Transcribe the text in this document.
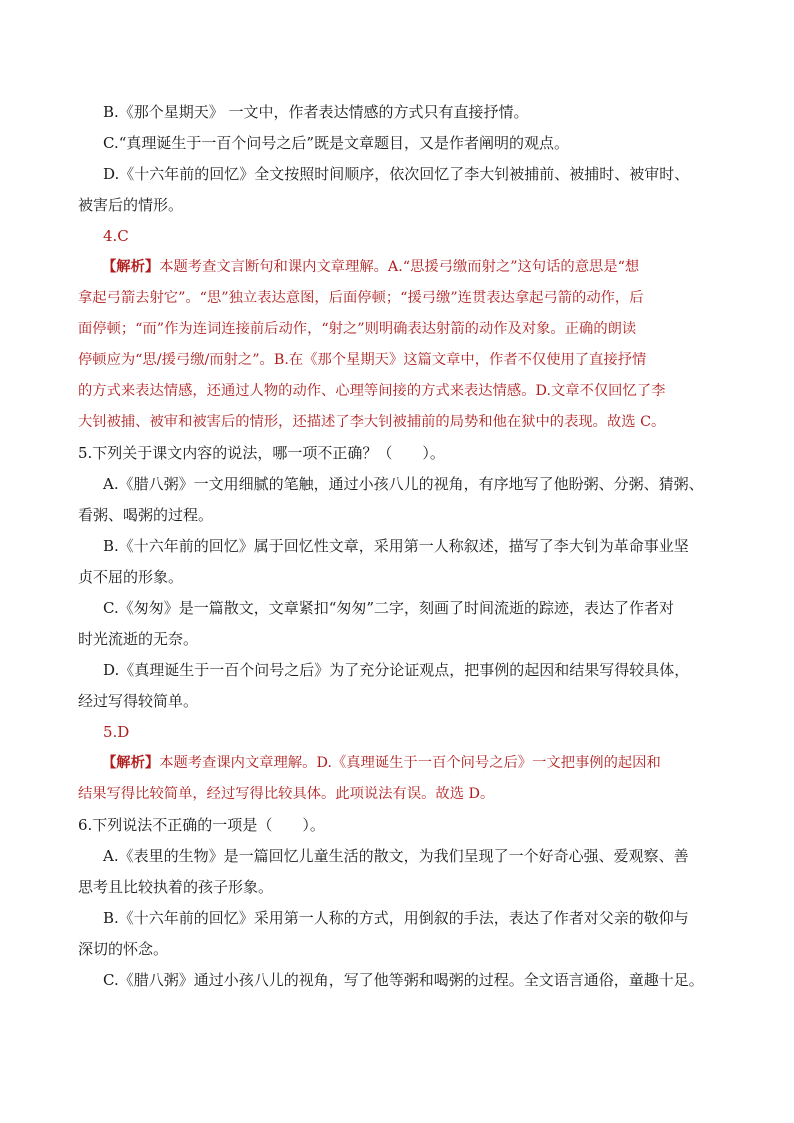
B.《那个星期天》 一文中，作者表达情感的方式只有直接抒情。

C.“真理诞生于一百个问号之后”既是文章题目，又是作者阐明的观点。

D.《十六年前的回忆》全文按照时间顺序，依次回忆了李大钊被捕前、被捕时、被审时、

被害后的情形。

4.C

【解析】本题考查文言断句和课内文章理解。A.“思援弓缴而射之”这句话的意思是“想

拿起弓箭去射它”。“思”独立表达意图，后面停顿；“援弓缴”连贯表达拿起弓箭的动作，后

面停顿；“而”作为连词连接前后动作，“射之”则明确表达射箭的动作及对象。正确的朗读

停顿应为“思/援弓缴/而射之”。B.在《那个星期天》这篇文章中，作者不仅使用了直接抒情

的方式来表达情感，还通过人物的动作、心理等间接的方式来表达情感。D.文章不仅回忆了李

大钊被捕、被审和被害后的情形，还描述了李大钊被捕前的局势和他在狱中的表现。故选 C。

5.下列关于课文内容的说法，哪一项不正确？（　　）。

A.《腊八粥》一文用细腻的笔触，通过小孩八儿的视角，有序地写了他盼粥、分粥、猜粥、

看粥、喝粥的过程。

B.《十六年前的回忆》属于回忆性文章，采用第一人称叙述，描写了李大钊为革命事业坚

贞不屈的形象。

C.《匆匆》是一篇散文，文章紧扣“匆匆”二字，刻画了时间流逝的踪迹，表达了作者对

时光流逝的无奈。

D.《真理诞生于一百个问号之后》为了充分论证观点，把事例的起因和结果写得较具体，

经过写得较简单。

5.D

【解析】本题考查课内文章理解。D.《真理诞生于一百个问号之后》一文把事例的起因和

结果写得比较简单，经过写得比较具体。此项说法有误。故选 D。

6.下列说法不正确的一项是（　　）。

A.《表里的生物》是一篇回忆儿童生活的散文，为我们呈现了一个好奇心强、爱观察、善

思考且比较执着的孩子形象。

B.《十六年前的回忆》采用第一人称的方式，用倒叙的手法，表达了作者对父亲的敬仰与

深切的怀念。

C.《腊八粥》通过小孩八儿的视角，写了他等粥和喝粥的过程。全文语言通俗，童趣十足。
